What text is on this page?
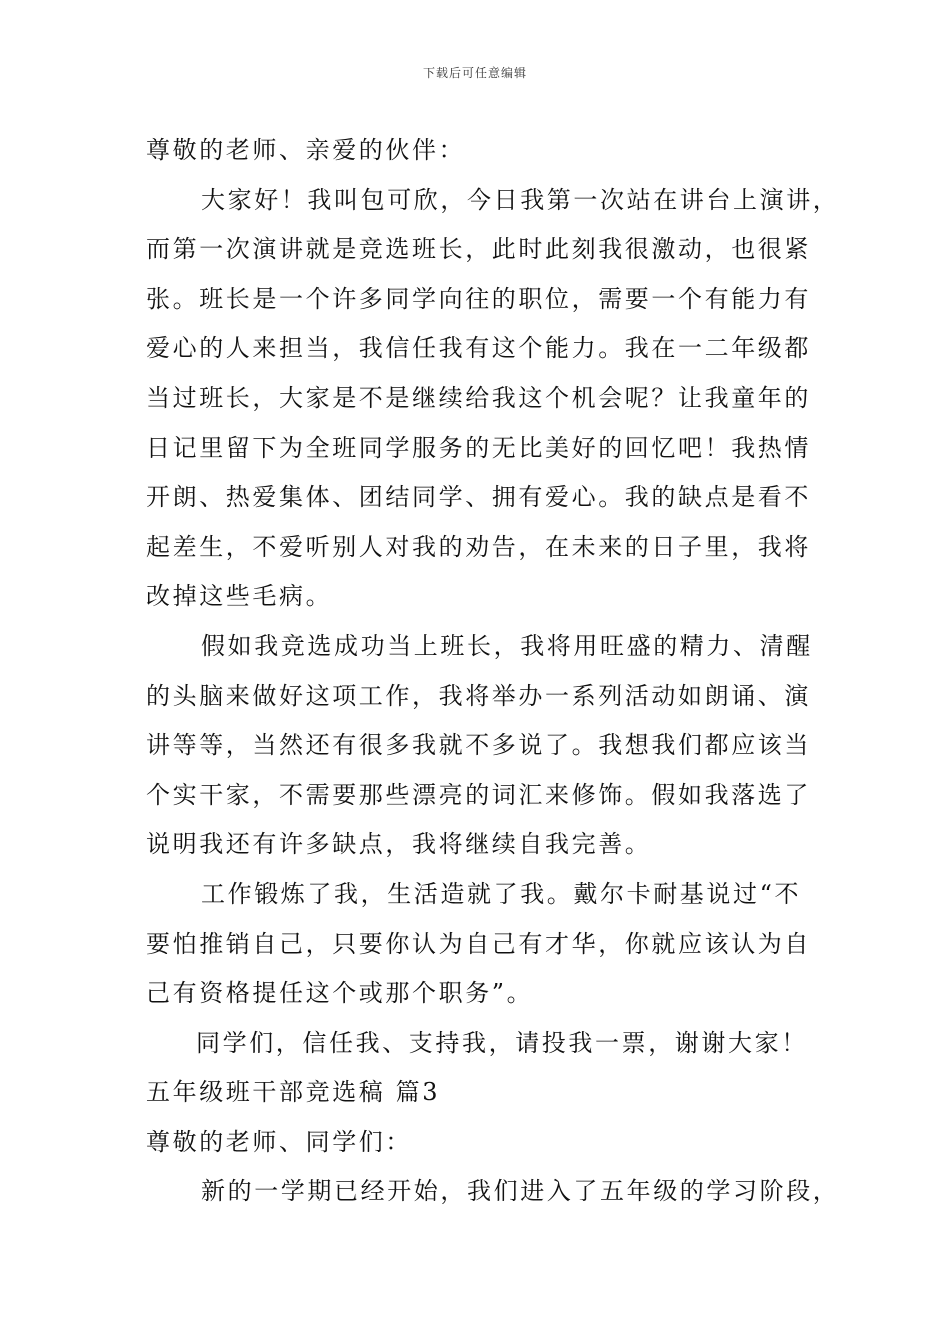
下载后可任意编辑
尊敬的老师、亲爱的伙伴：
大家好！我叫包可欣，今日我第一次站在讲台上演讲，
而第一次演讲就是竞选班长，此时此刻我很激动，也很紧
张。班长是一个许多同学向往的职位，需要一个有能力有
爱心的人来担当，我信任我有这个能力。我在一二年级都
当过班长，大家是不是继续给我这个机会呢？让我童年的
日记里留下为全班同学服务的无比美好的回忆吧！我热情
开朗、热爱集体、团结同学、拥有爱心。我的缺点是看不
起差生，不爱听别人对我的劝告，在未来的日子里，我将
改掉这些毛病。
假如我竞选成功当上班长，我将用旺盛的精力、清醒
的头脑来做好这项工作，我将举办一系列活动如朗诵、演
讲等等，当然还有很多我就不多说了。我想我们都应该当
个实干家，不需要那些漂亮的词汇来修饰。假如我落选了
说明我还有许多缺点，我将继续自我完善。
工作锻炼了我，生活造就了我。戴尔卡耐基说过“不
要怕推销自己，只要你认为自己有才华，你就应该认为自
己有资格提任这个或那个职务”。
同学们，信任我、支持我，请投我一票，谢谢大家！
五年级班干部竞选稿 篇3
尊敬的老师、同学们：
新的一学期已经开始，我们进入了五年级的学习阶段，
